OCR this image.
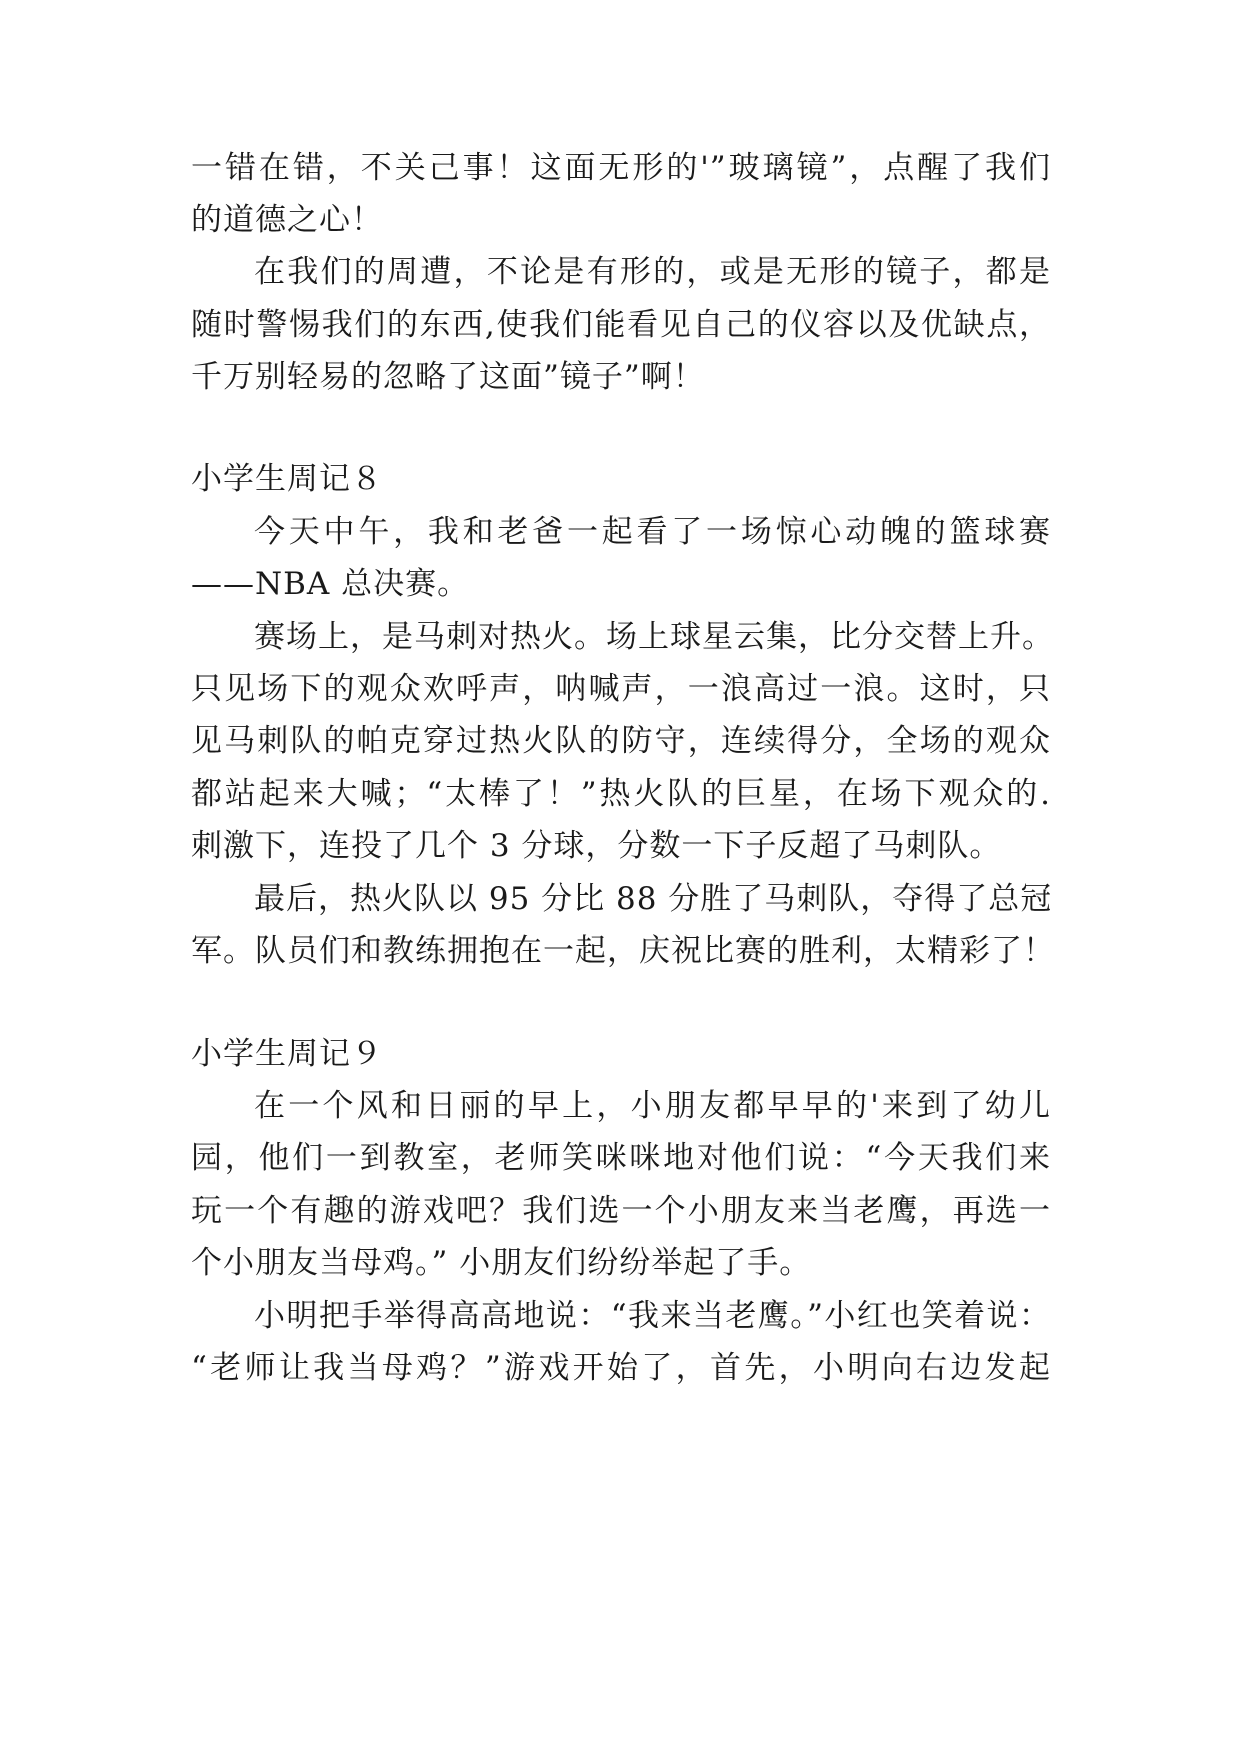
一错在错，不关己事！这面无形的'”玻璃镜”，点醒了我们
的道德之心！
在我们的周遭，不论是有形的，或是无形的镜子，都是
随时警惕我们的东西,使我们能看见自己的仪容以及优缺点，
千万别轻易的忽略了这面”镜子”啊！
小学生周记８
今天中午，我和老爸一起看了一场惊心动魄的篮球赛
——NBA 总决赛。
赛场上，是马刺对热火。场上球星云集，比分交替上升。
只见场下的观众欢呼声，呐喊声，一浪高过一浪。这时，只
见马刺队的帕克穿过热火队的防守，连续得分，全场的观众
都站起来大喊；“太棒了！”热火队的巨星，在场下观众的.
刺激下，连投了几个 3 分球，分数一下子反超了马刺队。
最后，热火队以 95 分比 88 分胜了马刺队，夺得了总冠
军。队员们和教练拥抱在一起，庆祝比赛的胜利，太精彩了！
小学生周记９
在一个风和日丽的早上，小朋友都早早的'来到了幼儿
园，他们一到教室，老师笑咪咪地对他们说：“今天我们来
玩一个有趣的游戏吧？我们选一个小朋友来当老鹰，再选一
个小朋友当母鸡。” 小朋友们纷纷举起了手。
小明把手举得高高地说：“我来当老鹰。”小红也笑着说：
“老师让我当母鸡？”游戏开始了，首先，小明向右边发起
